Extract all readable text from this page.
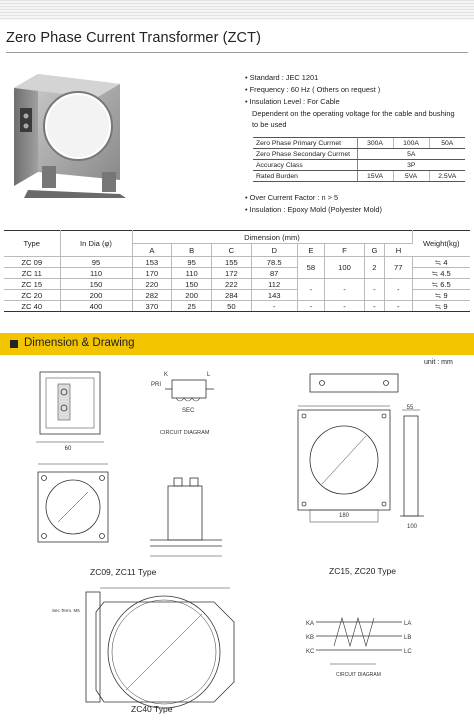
Zero Phase Current Transformer (ZCT)
• Standard : JEC 1201
• Frequency : 60 Hz ( Others on request )
• Insulation Level : For Cable
Dependent on the operating voltage for the cable and bushing
to be used
Zero Phase Primary Currnet	300A	100A	50A
Zero Phase Secondary Currnet	5A		
Accuracy Class	3P		
Rated Burden	15VA	5VA	2.5VA
• Over Current Factor : n > 5
• Insulation : Epoxy Mold (Polyester Mold)
Type	In Dia (φ)	Dimension (mm)								Weight(kg)
		A	B	C	D	E	F	G	H	
ZC 09	95	153	95	155	78.5	58	100	2	77	≒ 4
ZC 11	110	170	110	172	87					≒ 4.5
ZC 15	150	220	150	222	112	-	-	-	-	≒ 6.5
ZC 20	200	282	200	284	143					≒ 9
ZC 40	400	370	25	50	-	-	-	-	-	≒ 9
Dimension & Drawing
unit : mm
60
K	L
PRI
SEC
CIRCUIT DIAGRAM
180
55
100
Sec.Term. M5
KA
KB
KC
LA
LB
LC
CIRCUIT DIAGRAM
ZC09, ZC11 Type	ZC15, ZC20 Type
ZC40 Type
